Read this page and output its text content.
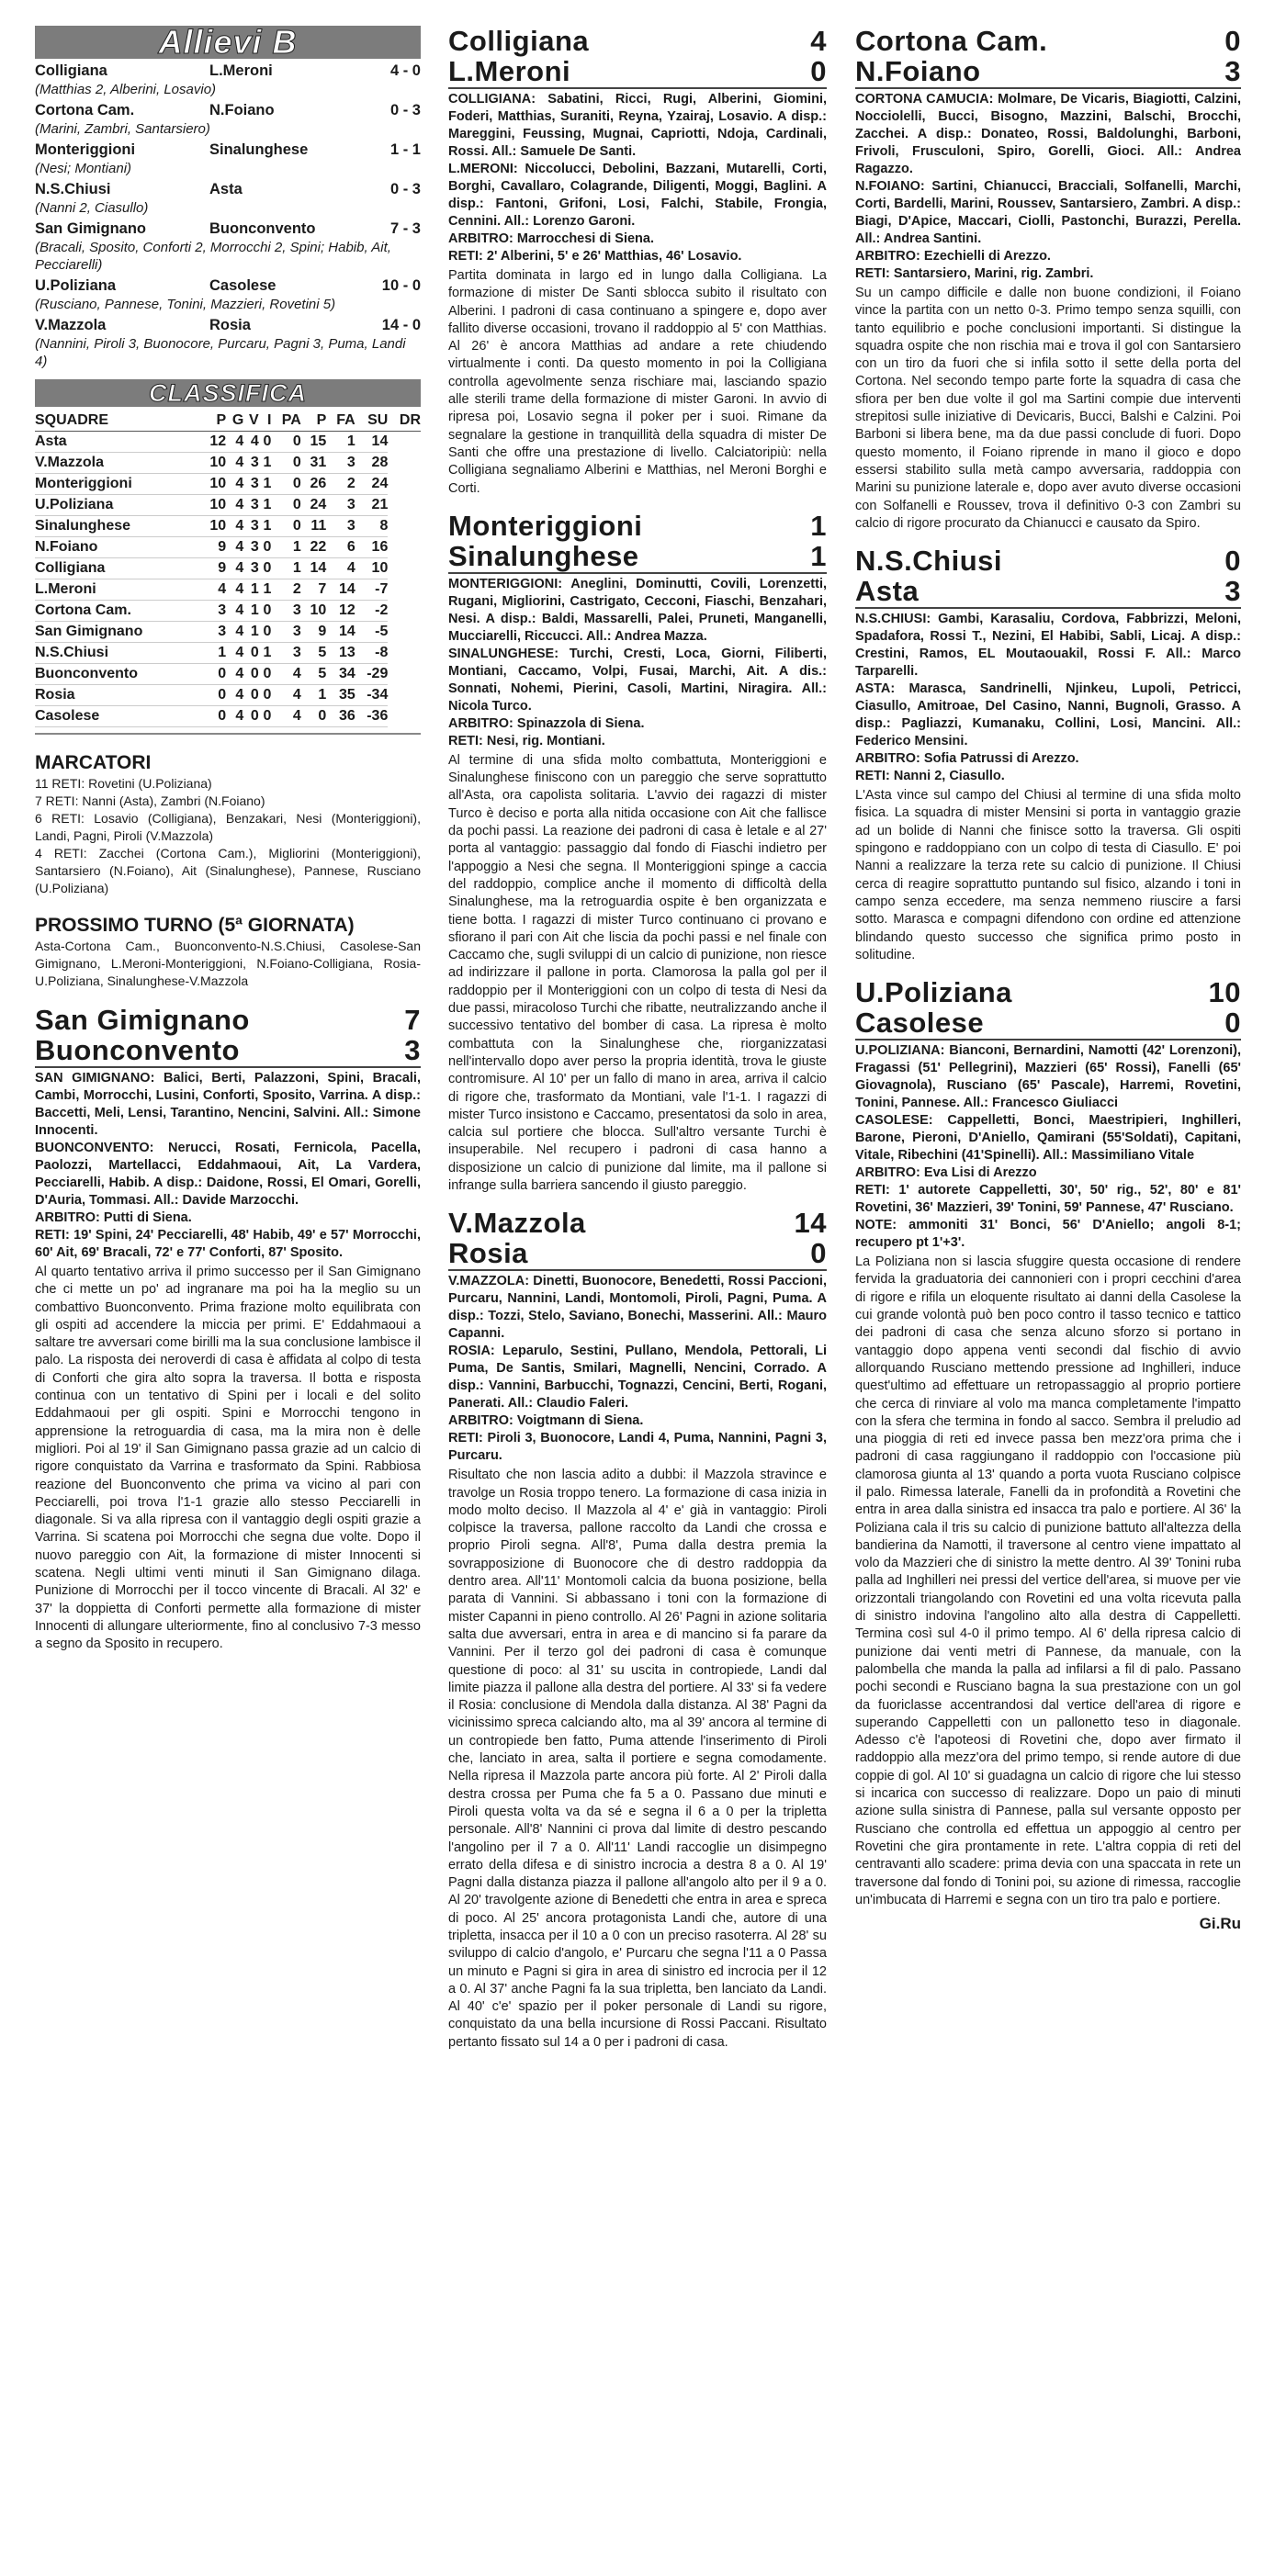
Allievi B
Colligiana	L.Meroni	4 - 0
(Matthias 2, Alberini, Losavio)
Cortona Cam.	N.Foiano	0 - 3
(Marini, Zambri, Santarsiero)
Monteriggioni	Sinalunghese	1 - 1
(Nesi; Montiani)
N.S.Chiusi	Asta	0 - 3
(Nanni 2, Ciasullo)
San Gimignano	Buonconvento	7 - 3
(Bracali, Sposito, Conforti 2, Morrocchi 2, Spini; Habib, Ait, Pecciarelli)
U.Poliziana	Casolese	10 - 0
(Rusciano, Pannese, Tonini, Mazzieri, Rovetini 5)
V.Mazzola	Rosia	14 - 0
(Nannini, Piroli 3, Buonocore, Purcaru, Pagni 3, Puma, Landi 4)
CLASSIFICA
SQUADRE	P	G	V	I	PA	P	FA	SU	DR
Asta	12	4	4	0	0	15	1	14	
V.Mazzola	10	4	3	1	0	31	3	28	
Monteriggioni	10	4	3	1	0	26	2	24	
U.Poliziana	10	4	3	1	0	24	3	21	
Sinalunghese	10	4	3	1	0	11	3	8	
N.Foiano	9	4	3	0	1	22	6	16	
Colligiana	9	4	3	0	1	14	4	10	
L.Meroni	4	4	1	1	2	7	14	-7	
Cortona Cam.	3	4	1	0	3	10	12	-2	
San Gimignano	3	4	1	0	3	9	14	-5	
N.S.Chiusi	1	4	0	1	3	5	13	-8	
Buonconvento	0	4	0	0	4	5	34	-29	
Rosia	0	4	0	0	4	1	35	-34	
Casolese	0	4	0	0	4	0	36	-36	
MARCATORI
11 RETI: Rovetini (U.Poliziana)
7 RETI: Nanni (Asta), Zambri (N.Foiano)
6 RETI: Losavio (Colligiana), Benzakari, Nesi (Monteriggioni), Landi, Pagni, Piroli (V.Mazzola)
4 RETI: Zacchei (Cortona Cam.), Migliorini (Monteriggioni), Santarsiero (N.Foiano), Ait (Sinalunghese), Pannese, Rusciano (U.Poliziana)
PROSSIMO TURNO (5ª GIORNATA)
Asta-Cortona Cam., Buonconvento-N.S.Chiusi, Casolese-San Gimignano, L.Meroni-Monteriggioni, N.Foiano-Colligiana, Rosia-U.Poliziana, Sinalunghese-V.Mazzola
San Gimignano	7
Buonconvento	3
SAN GIMIGNANO: Balici, Berti, Palazzoni, Spini, Bracali, Cambi, Morrocchi, Lusini, Conforti, Sposito, Varrina. A disp.: Baccetti, Meli, Lensi, Tarantino, Nencini, Salvini. All.: Simone Innocenti.
BUONCONVENTO: Nerucci, Rosati, Fernicola, Pacella, Paolozzi, Martellacci, Eddahmaoui, Ait, La Vardera, Pecciarelli, Habib. A disp.: Daidone, Rossi, El Omari, Gorelli, D'Auria, Tommasi. All.: Davide Marzocchi.
ARBITRO: Putti di Siena.
RETI: 19' Spini, 24' Pecciarelli, 48' Habib, 49' e 57' Morrocchi, 60' Ait, 69' Bracali, 72' e 77' Conforti, 87' Sposito.
Al quarto tentativo arriva il primo successo per il San Gimignano che ci mette un po' ad ingranare ma poi ha la meglio su un combattivo Buonconvento. Prima frazione molto equilibrata con gli ospiti ad accendere la miccia per primi. E' Eddahmaoui a saltare tre avversari come birilli ma la sua conclusione lambisce il palo. La risposta dei neroverdi di casa è affidata al colpo di testa di Conforti che gira alto sopra la traversa. Il botta e risposta continua con un tentativo di Spini per i locali e del solito Eddahmaoui per gli ospiti. Spini e Morrocchi tengono in apprensione la retroguardia di casa, ma la mira non è delle migliori. Poi al 19' il San Gimignano passa grazie ad un calcio di rigore conquistato da Varrina e trasformato da Spini. Rabbiosa reazione del Buonconvento che prima va vicino al pari con Pecciarelli, poi trova l'1-1 grazie allo stesso Pecciarelli in diagonale. Si va alla ripresa con il vantaggio degli ospiti grazie a Varrina. Si scatena poi Morrocchi che segna due volte. Dopo il nuovo pareggio con Ait, la formazione di mister Innocenti si scatena. Negli ultimi venti minuti il San Gimignano dilaga. Punizione di Morrocchi per il tocco vincente di Bracali. Al 32' e 37' la doppietta di Conforti permette alla formazione di mister Innocenti di allungare ulteriormente, fino al conclusivo 7-3 messo a segno da Sposito in recupero.
Colligiana	4
L.Meroni	0
COLLIGIANA: Sabatini, Ricci, Rugi, Alberini, Giomini, Foderi, Matthias, Suraniti, Reyna, Yzairaj, Losavio. A disp.: Mareggini, Feussing, Mugnai, Capriotti, Ndoja, Cardinali, Rossi. All.: Samuele De Santi.
L.MERONI: Niccolucci, Debolini, Bazzani, Mutarelli, Corti, Borghi, Cavallaro, Colagrande, Diligenti, Moggi, Baglini. A disp.: Fantoni, Grifoni, Losi, Falchi, Stabile, Frongia, Cennini. All.: Lorenzo Garoni.
ARBITRO: Marrocchesi di Siena.
RETI: 2' Alberini, 5' e 26' Matthias, 46' Losavio.
Partita dominata in largo ed in lungo dalla Colligiana. La formazione di mister De Santi sblocca subito il risultato con Alberini. I padroni di casa continuano a spingere e, dopo aver fallito diverse occasioni, trovano il raddoppio al 5' con Matthias. Al 26' è ancora Matthias ad andare a rete chiudendo virtualmente i conti. Da questo momento in poi la Colligiana controlla agevolmente senza rischiare mai, lasciando spazio alle sterili trame della formazione di mister Garoni. In avvio di ripresa poi, Losavio segna il poker per i suoi. Rimane da segnalare la gestione in tranquillità della squadra di mister De Santi che offre una prestazione di livello. Calciatoripiù: nella Colligiana segnaliamo Alberini e Matthias, nel Meroni Borghi e Corti.
Monteriggioni	1
Sinalunghese	1
MONTERIGGIONI: Aneglini, Dominutti, Covili, Lorenzetti, Rugani, Migliorini, Castrigato, Cecconi, Fiaschi, Benzahari, Nesi. A disp.: Baldi, Massarelli, Palei, Pruneti, Manganelli, Mucciarelli, Riccucci. All.: Andrea Mazza.
SINALUNGHESE: Turchi, Cresti, Loca, Giorni, Filiberti, Montiani, Caccamo, Volpi, Fusai, Marchi, Ait. A dis.: Sonnati, Nohemi, Pierini, Casoli, Martini, Niragira. All.: Nicola Turco.
ARBITRO: Spinazzola di Siena.
RETI: Nesi, rig. Montiani.
Al termine di una sfida molto combattuta, Monteriggioni e Sinalunghese finiscono con un pareggio che serve soprattutto all'Asta, ora capolista solitaria. L'avvio dei ragazzi di mister Turco è deciso e porta alla nitida occasione con Ait che fallisce da pochi passi. La reazione dei padroni di casa è letale e al 27' porta al vantaggio: passaggio dal fondo di Fiaschi indietro per l'appoggio a Nesi che segna. Il Monteriggioni spinge a caccia del raddoppio, complice anche il momento di difficoltà della Sinalunghese, ma la retroguardia ospite è ben organizzata e tiene botta. I ragazzi di mister Turco continuano ci provano e sfiorano il pari con Ait che liscia da pochi passi e nel finale con Caccamo che, sugli sviluppi di un calcio di punizione, non riesce ad indirizzare il pallone in porta. Clamorosa la palla gol per il raddoppio per il Monteriggioni con un colpo di testa di Nesi da due passi, miracoloso Turchi che ribatte, neutralizzando anche il successivo tentativo del bomber di casa. La ripresa è molto combattuta con la Sinalunghese che, riorganizzatasi nell'intervallo dopo aver perso la propria identità, trova le giuste contromisure. Al 10' per un fallo di mano in area, arriva il calcio di rigore che, trasformato da Montiani, vale l'1-1. I ragazzi di mister Turco insistono e Caccamo, presentatosi da solo in area, calcia sul portiere che blocca. Sull'altro versante Turchi è insuperabile. Nel recupero i padroni di casa hanno a disposizione un calcio di punizione dal limite, ma il pallone si infrange sulla barriera sancendo il giusto pareggio.
V.Mazzola	14
Rosia	0
V.MAZZOLA: Dinetti, Buonocore, Benedetti, Rossi Paccioni, Purcaru, Nannini, Landi, Montomoli, Piroli, Pagni, Puma. A disp.: Tozzi, Stelo, Saviano, Bonechi, Masserini. All.: Mauro Capanni.
ROSIA: Leparulo, Sestini, Pullano, Mendola, Pettorali, Li Puma, De Santis, Smilari, Magnelli, Nencini, Corrado. A disp.: Vannini, Barbucchi, Tognazzi, Cencini, Berti, Rogani, Panerati. All.: Claudio Faleri.
ARBITRO: Voigtmann di Siena.
RETI: Piroli 3, Buonocore, Landi 4, Puma, Nannini, Pagni 3, Purcaru.
Risultato che non lascia adito a dubbi: il Mazzola stravince e travolge un Rosia troppo tenero. La formazione di casa inizia in modo molto deciso. Il Mazzola al 4' e' già in vantaggio: Piroli colpisce la traversa, pallone raccolto da Landi che crossa e proprio Piroli segna. All'8', Puma dalla destra premia la sovrapposizione di Buonocore che di destro raddoppia da dentro area. All'11' Montomoli calcia da buona posizione, bella parata di Vannini. Si abbassano i toni con la formazione di mister Capanni in pieno controllo. Al 26' Pagni in azione solitaria salta due avversari, entra in area e di mancino si fa parare da Vannini. Per il terzo gol dei padroni di casa è comunque questione di poco: al 31' su uscita in contropiede, Landi dal limite piazza il pallone alla destra del portiere. Al 33' si fa vedere il Rosia: conclusione di Mendola dalla distanza. Al 38' Pagni da vicinissimo spreca calciando alto, ma al 39' ancora al termine di un contropiede ben fatto, Puma attende l'inserimento di Piroli che, lanciato in area, salta il portiere e segna comodamente. Nella ripresa il Mazzola parte ancora più forte. Al 2' Piroli dalla destra crossa per Puma che fa 5 a 0. Passano due minuti e Piroli questa volta va da sé e segna il 6 a 0 per la tripletta personale. All'8' Nannini ci prova dal limite di destro pescando l'angolino per il 7 a 0. All'11' Landi raccoglie un disimpegno errato della difesa e di sinistro incrocia a destra 8 a 0. Al 19' Pagni dalla distanza piazza il pallone all'angolo alto per il 9 a 0. Al 20' travolgente azione di Benedetti che entra in area e spreca di poco. Al 25' ancora protagonista Landi che, autore di una tripletta, insacca per il 10 a 0 con un preciso rasoterra. Al 28' su sviluppo di calcio d'angolo, e' Purcaru che segna l'11 a 0 Passa un minuto e Pagni si gira in area di sinistro ed incrocia per il 12 a 0. Al 37' anche Pagni fa la sua tripletta, ben lanciato da Landi. Al 40' c'e' spazio per il poker personale di Landi su rigore, conquistato da una bella incursione di Rossi Paccani. Risultato pertanto fissato sul 14 a 0 per i padroni di casa.
Cortona Cam.	0
N.Foiano	3
CORTONA CAMUCIA: Molmare, De Vicaris, Biagiotti, Calzini, Nocciolelli, Bucci, Bisogno, Mazzini, Balschi, Brocchi, Zacchei. A disp.: Donateo, Rossi, Baldolunghi, Barboni, Frivoli, Frusculoni, Spiro, Gorelli, Gioci. All.: Andrea Ragazzo.
N.FOIANO: Sartini, Chianucci, Bracciali, Solfanelli, Marchi, Corti, Bardelli, Marini, Roussev, Santarsiero, Zambri. A disp.: Biagi, D'Apice, Maccari, Ciolli, Pastonchi, Burazzi, Perella. All.: Andrea Santini.
ARBITRO: Ezechielli di Arezzo.
RETI: Santarsiero, Marini, rig. Zambri.
Su un campo difficile e dalle non buone condizioni, il Foiano vince la partita con un netto 0-3. Primo tempo senza squilli, con tanto equilibrio e poche conclusioni importanti. Si distingue la squadra ospite che non rischia mai e trova il gol con Santarsiero con un tiro da fuori che si infila sotto il sette della porta del Cortona. Nel secondo tempo parte forte la squadra di casa che sfiora per ben due volte il gol ma Sartini compie due interventi strepitosi sulle iniziative di Devicaris, Bucci, Balshi e Calzini. Poi Barboni si libera bene, ma da due passi conclude di fuori. Dopo questo momento, il Foiano riprende in mano il gioco e dopo essersi stabilito sulla metà campo avversaria, raddoppia con Marini su punizione laterale e, dopo aver avuto diverse occasioni con Solfanelli e Roussev, trova il definitivo 0-3 con Zambri su calcio di rigore procurato da Chianucci e causato da Spiro.
N.S.Chiusi	0
Asta	3
N.S.CHIUSI: Gambi, Karasaliu, Cordova, Fabbrizzi, Meloni, Spadafora, Rossi T., Nezini, El Habibi, Sabli, Licaj. A disp.: Crestini, Ramos, EL Moutaouakil, Rossi F. All.: Marco Tarparelli.
ASTA: Marasca, Sandrinelli, Njinkeu, Lupoli, Petricci, Ciasullo, Amitroae, Del Casino, Nanni, Bugnoli, Grasso. A disp.: Pagliazzi, Kumanaku, Collini, Losi, Mancini. All.: Federico Mensini.
ARBITRO: Sofia Patrussi di Arezzo.
RETI: Nanni 2, Ciasullo.
L'Asta vince sul campo del Chiusi al termine di una sfida molto fisica. La squadra di mister Mensini si porta in vantaggio grazie ad un bolide di Nanni che finisce sotto la traversa. Gli ospiti spingono e raddoppiano con un colpo di testa di Ciasullo. E' poi Nanni a realizzare la terza rete su calcio di punizione. Il Chiusi cerca di reagire soprattutto puntando sul fisico, alzando i toni in campo senza eccedere, ma senza nemmeno riuscire a farsi sotto. Marasca e compagni difendono con ordine ed attenzione blindando questo successo che significa primo posto in solitudine.
U.Poliziana	10
Casolese	0
U.POLIZIANA: Bianconi, Bernardini, Namotti (42' Lorenzoni), Fragassi (51' Pellegrini), Mazzieri (65' Rossi), Fanelli (65' Giovagnola), Rusciano (65' Pascale), Harremi, Rovetini, Tonini, Pannese. All.: Francesco Giuliacci
CASOLESE: Cappelletti, Bonci, Maestripieri, Inghilleri, Barone, Pieroni, D'Aniello, Qamirani (55'Soldati), Capitani, Vitale, Ribechini (41'Spinelli). All.: Massimiliano Vitale
ARBITRO: Eva Lisi di Arezzo
RETI: 1' autorete Cappelletti, 30', 50' rig., 52', 80' e 81' Rovetini, 36' Mazzieri, 39' Tonini, 59' Pannese, 47' Rusciano.
NOTE: ammoniti 31' Bonci, 56' D'Aniello; angoli 8-1; recupero pt 1'+3'.
La Poliziana non si lascia sfuggire questa occasione di rendere fervida la graduatoria dei cannonieri con i propri cecchini d'area di rigore e rifila un eloquente risultato ai danni della Casolese la cui grande volontà può ben poco contro il tasso tecnico e tattico dei padroni di casa che senza alcuno sforzo si portano in vantaggio dopo appena venti secondi dal fischio di avvio allorquando Rusciano mettendo pressione ad Inghilleri, induce quest'ultimo ad effettuare un retropassaggio al proprio portiere che cerca di rinviare al volo ma manca completamente l'impatto con la sfera che termina in fondo al sacco. Sembra il preludio ad una pioggia di reti ed invece passa ben mezz'ora prima che i padroni di casa raggiungano il raddoppio con l'occasione più clamorosa giunta al 13' quando a porta vuota Rusciano colpisce il palo. Rimessa laterale, Fanelli da in profondità a Rovetini che entra in area dalla sinistra ed insacca tra palo e portiere. Al 36' la Poliziana cala il tris su calcio di punizione battuto all'altezza della bandierina da Namotti, il traversone al centro viene impattato al volo da Mazzieri che di sinistro la mette dentro. Al 39' Tonini ruba palla ad Inghilleri nei pressi del vertice dell'area, si muove per vie orizzontali triangolando con Rovetini ed una volta ricevuta palla di sinistro indovina l'angolino alto alla destra di Cappelletti. Termina così sul 4-0 il primo tempo. Al 6' della ripresa calcio di punizione dai venti metri di Pannese, da manuale, con la palombella che manda la palla ad infilarsi a fil di palo. Passano pochi secondi e Rusciano bagna la sua prestazione con un gol da fuoriclasse accentrandosi dal vertice dell'area di rigore e superando Cappelletti con un pallonetto teso in diagonale. Adesso c'è l'apoteosi di Rovetini che, dopo aver firmato il raddoppio alla mezz'ora del primo tempo, si rende autore di due coppie di gol. Al 10' si guadagna un calcio di rigore che lui stesso si incarica con successo di realizzare. Dopo un paio di minuti azione sulla sinistra di Pannese, palla sul versante opposto per Rusciano che controlla ed effettua un appoggio al centro per Rovetini che gira prontamente in rete. L'altra coppia di reti del centravanti allo scadere: prima devia con una spaccata in rete un traversone dal fondo di Tonini poi, su azione di rimessa, raccoglie un'imbucata di Harremi e segna con un tiro tra palo e portiere.
Gi.Ru
